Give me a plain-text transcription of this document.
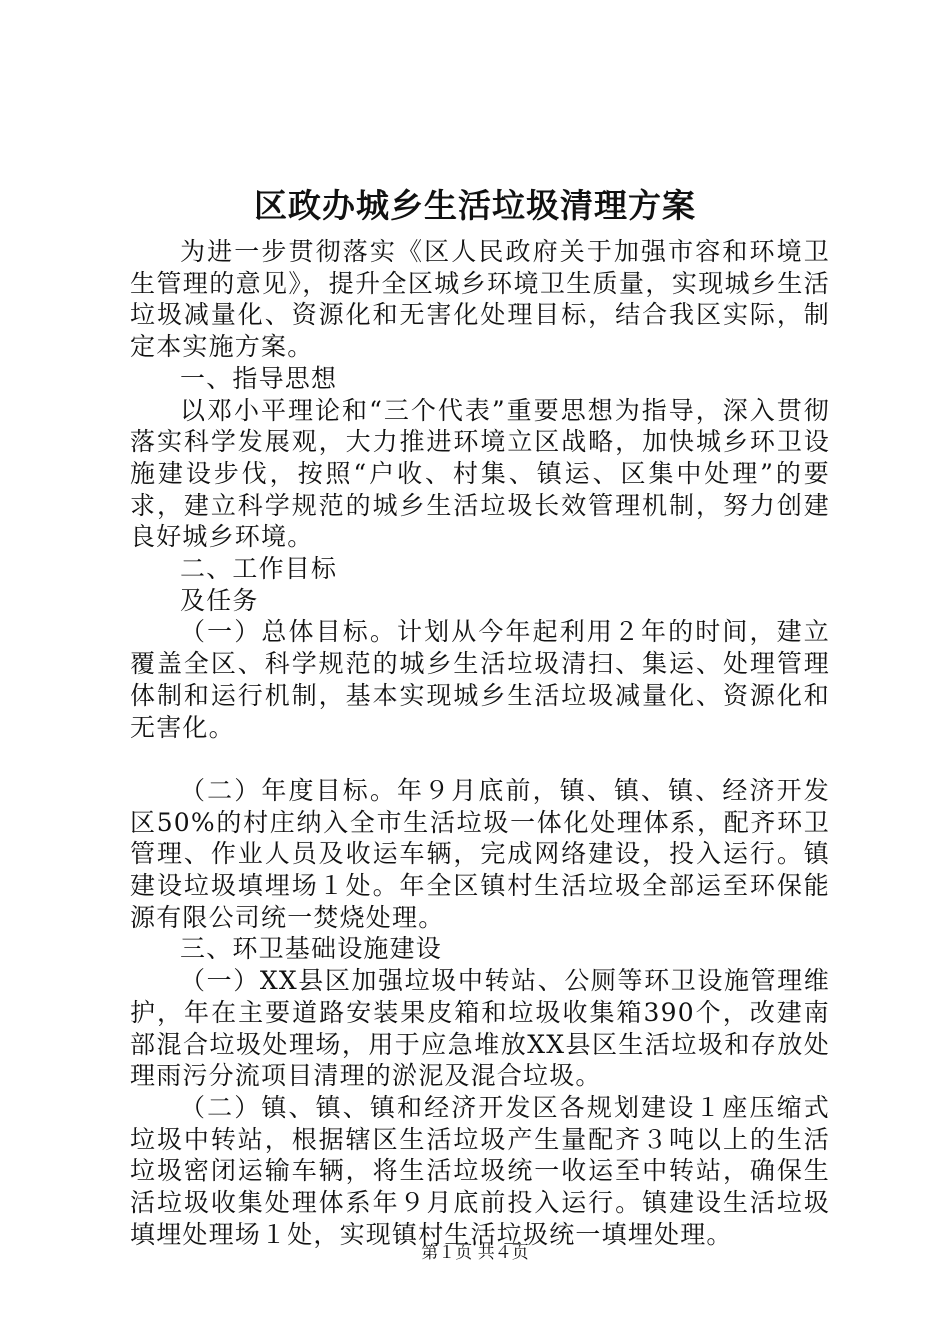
区政办城乡生活垃圾清理方案

为进一步贯彻落实《区人民政府关于加强市容和环境卫生管理的意见》，提升全区城乡环境卫生质量，实现城乡生活垃圾减量化、资源化和无害化处理目标，结合我区实际，制定本实施方案。

一、指导思想

以邓小平理论和“三个代表”重要思想为指导，深入贯彻落实科学发展观，大力推进环境立区战略，加快城乡环卫设施建设步伐，按照“户收、村集、镇运、区集中处理”的要求，建立科学规范的城乡生活垃圾长效管理机制，努力创建良好城乡环境。

二、工作目标

及任务

（一）总体目标。计划从今年起利用２年的时间，建立覆盖全区、科学规范的城乡生活垃圾清扫、集运、处理管理体制和运行机制，基本实现城乡生活垃圾减量化、资源化和无害化。

（二）年度目标。年９月底前，镇、镇、镇、经济开发区50%的村庄纳入全市生活垃圾一体化处理体系，配齐环卫管理、作业人员及收运车辆，完成网络建设，投入运行。镇建设垃圾填埋场１处。年全区镇村生活垃圾全部运至环保能源有限公司统一焚烧处理。

三、环卫基础设施建设

（一）XX县区加强垃圾中转站、公厕等环卫设施管理维护，年在主要道路安装果皮箱和垃圾收集箱390个，改建南部混合垃圾处理场，用于应急堆放XX县区生活垃圾和存放处理雨污分流项目清理的淤泥及混合垃圾。

（二）镇、镇、镇和经济开发区各规划建设１座压缩式垃圾中转站，根据辖区生活垃圾产生量配齐３吨以上的生活垃圾密闭运输车辆，将生活垃圾统一收运至中转站，确保生活垃圾收集处理体系年９月底前投入运行。镇建设生活垃圾填埋处理场１处，实现镇村生活垃圾统一填埋处理。

第１页 共４页
